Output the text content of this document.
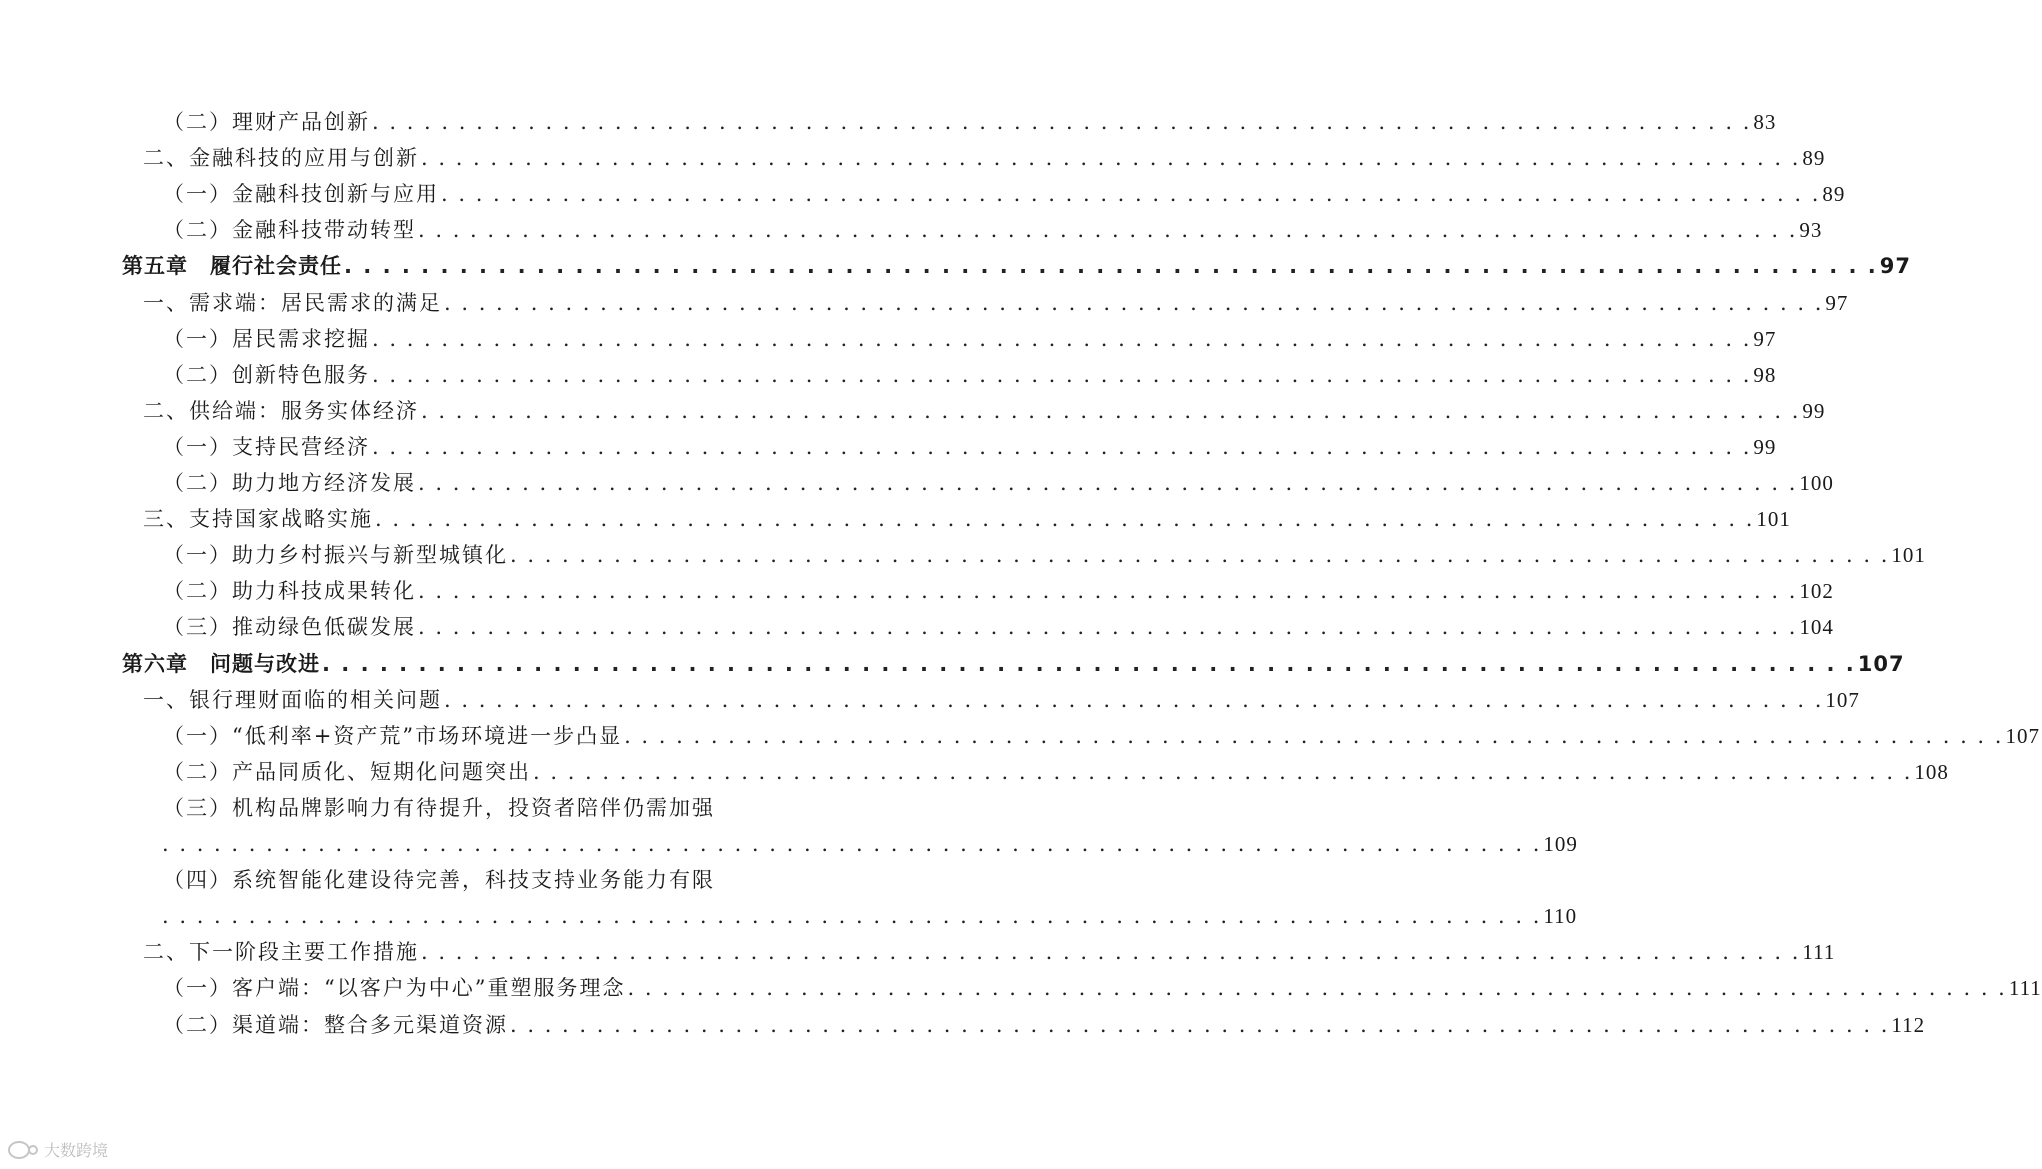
（二）理财产品创新 . . . . . . . . . . . . . . . . . . . . . . . . . . . . . . . . . . . . . . . . . . . . . . . . . . . . . . . . . . . . . . . . . . . . . . . . . . . . . . . . 83
二、金融科技的应用与创新 . . . . . . . . . . . . . . . . . . . . . . . . . . . . . . . . . . . . . . . . . . . . . . . . . . . . . . . . . . . . . . . . . . . . . . . . . . . . . . . . 89
（一）金融科技创新与应用 . . . . . . . . . . . . . . . . . . . . . . . . . . . . . . . . . . . . . . . . . . . . . . . . . . . . . . . . . . . . . . . . . . . . . . . . . . . . . . . . 89
（二）金融科技带动转型 . . . . . . . . . . . . . . . . . . . . . . . . . . . . . . . . . . . . . . . . . . . . . . . . . . . . . . . . . . . . . . . . . . . . . . . . . . . . . . . . 93
第五章　履行社会责任 . . . . . . . . . . . . . . . . . . . . . . . . . . . . . . . . . . . . . . . . . . . . . . . . . . . . . . . . . . . . . . . . . . . . . . . . . . . . . . . . 97
一、需求端：居民需求的满足 . . . . . . . . . . . . . . . . . . . . . . . . . . . . . . . . . . . . . . . . . . . . . . . . . . . . . . . . . . . . . . . . . . . . . . . . . . . . . . . . 97
（一）居民需求挖掘 . . . . . . . . . . . . . . . . . . . . . . . . . . . . . . . . . . . . . . . . . . . . . . . . . . . . . . . . . . . . . . . . . . . . . . . . . . . . . . . . 97
（二）创新特色服务 . . . . . . . . . . . . . . . . . . . . . . . . . . . . . . . . . . . . . . . . . . . . . . . . . . . . . . . . . . . . . . . . . . . . . . . . . . . . . . . . 98
二、供给端：服务实体经济 . . . . . . . . . . . . . . . . . . . . . . . . . . . . . . . . . . . . . . . . . . . . . . . . . . . . . . . . . . . . . . . . . . . . . . . . . . . . . . . . 99
（一）支持民营经济 . . . . . . . . . . . . . . . . . . . . . . . . . . . . . . . . . . . . . . . . . . . . . . . . . . . . . . . . . . . . . . . . . . . . . . . . . . . . . . . . 99
（二）助力地方经济发展 . . . . . . . . . . . . . . . . . . . . . . . . . . . . . . . . . . . . . . . . . . . . . . . . . . . . . . . . . . . . . . . . . . . . . . . . . . . . . . . . 100
三、支持国家战略实施 . . . . . . . . . . . . . . . . . . . . . . . . . . . . . . . . . . . . . . . . . . . . . . . . . . . . . . . . . . . . . . . . . . . . . . . . . . . . . . . . 101
（一）助力乡村振兴与新型城镇化 . . . . . . . . . . . . . . . . . . . . . . . . . . . . . . . . . . . . . . . . . . . . . . . . . . . . . . . . . . . . . . . . . . . . . . . . . . . . . . . . 101
（二）助力科技成果转化 . . . . . . . . . . . . . . . . . . . . . . . . . . . . . . . . . . . . . . . . . . . . . . . . . . . . . . . . . . . . . . . . . . . . . . . . . . . . . . . . 102
（三）推动绿色低碳发展 . . . . . . . . . . . . . . . . . . . . . . . . . . . . . . . . . . . . . . . . . . . . . . . . . . . . . . . . . . . . . . . . . . . . . . . . . . . . . . . . 104
第六章　问题与改进 . . . . . . . . . . . . . . . . . . . . . . . . . . . . . . . . . . . . . . . . . . . . . . . . . . . . . . . . . . . . . . . . . . . . . . . . . . . . . . . . 107
一、银行理财面临的相关问题 . . . . . . . . . . . . . . . . . . . . . . . . . . . . . . . . . . . . . . . . . . . . . . . . . . . . . . . . . . . . . . . . . . . . . . . . . . . . . . . . 107
（一）“低利率+资产荒”市场环境进一步凸显 . . . . . . . . . . . . . . . . . . . . . . . . . . . . . . . . . . . . . . . . . . . . . . . . . . . . . . . . . . . . . . . . . . . . . . . . . . . . . . . . 107
（二）产品同质化、短期化问题突出 . . . . . . . . . . . . . . . . . . . . . . . . . . . . . . . . . . . . . . . . . . . . . . . . . . . . . . . . . . . . . . . . . . . . . . . . . . . . . . . . 108
（三）机构品牌影响力有待提升，投资者陪伴仍需加强
. . . . . . . . . . . . . . . . . . . . . . . . . . . . . . . . . . . . . . . . . . . . . . . . . . . . . . . . . . . . . . . . . . . . . . . . . . . . . . . . 109
（四）系统智能化建设待完善，科技支持业务能力有限
. . . . . . . . . . . . . . . . . . . . . . . . . . . . . . . . . . . . . . . . . . . . . . . . . . . . . . . . . . . . . . . . . . . . . . . . . . . . . . . . 110
二、下一阶段主要工作措施 . . . . . . . . . . . . . . . . . . . . . . . . . . . . . . . . . . . . . . . . . . . . . . . . . . . . . . . . . . . . . . . . . . . . . . . . . . . . . . . . 111
（一）客户端：“以客户为中心”重塑服务理念 . . . . . . . . . . . . . . . . . . . . . . . . . . . . . . . . . . . . . . . . . . . . . . . . . . . . . . . . . . . . . . . . . . . . . . . . . . . . . . . . 111
（二）渠道端：整合多元渠道资源 . . . . . . . . . . . . . . . . . . . . . . . . . . . . . . . . . . . . . . . . . . . . . . . . . . . . . . . . . . . . . . . . . . . . . . . . . . . . . . . . 112
大数跨境
